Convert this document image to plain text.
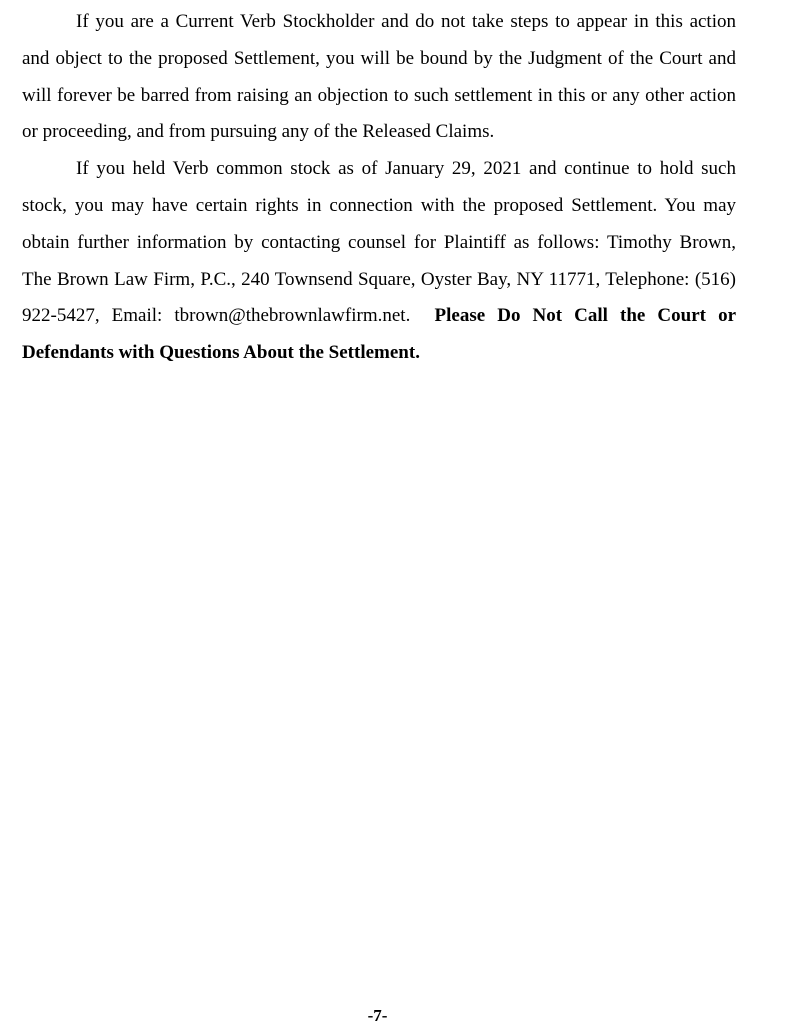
If you are a Current Verb Stockholder and do not take steps to appear in this action and object to the proposed Settlement, you will be bound by the Judgment of the Court and will forever be barred from raising an objection to such settlement in this or any other action or proceeding, and from pursuing any of the Released Claims.

If you held Verb common stock as of January 29, 2021 and continue to hold such stock, you may have certain rights in connection with the proposed Settlement. You may obtain further information by contacting counsel for Plaintiff as follows: Timothy Brown, The Brown Law Firm, P.C., 240 Townsend Square, Oyster Bay, NY 11771, Telephone: (516) 922-5427, Email: tbrown@thebrownlawfirm.net. Please Do Not Call the Court or Defendants with Questions About the Settlement.

-7-
